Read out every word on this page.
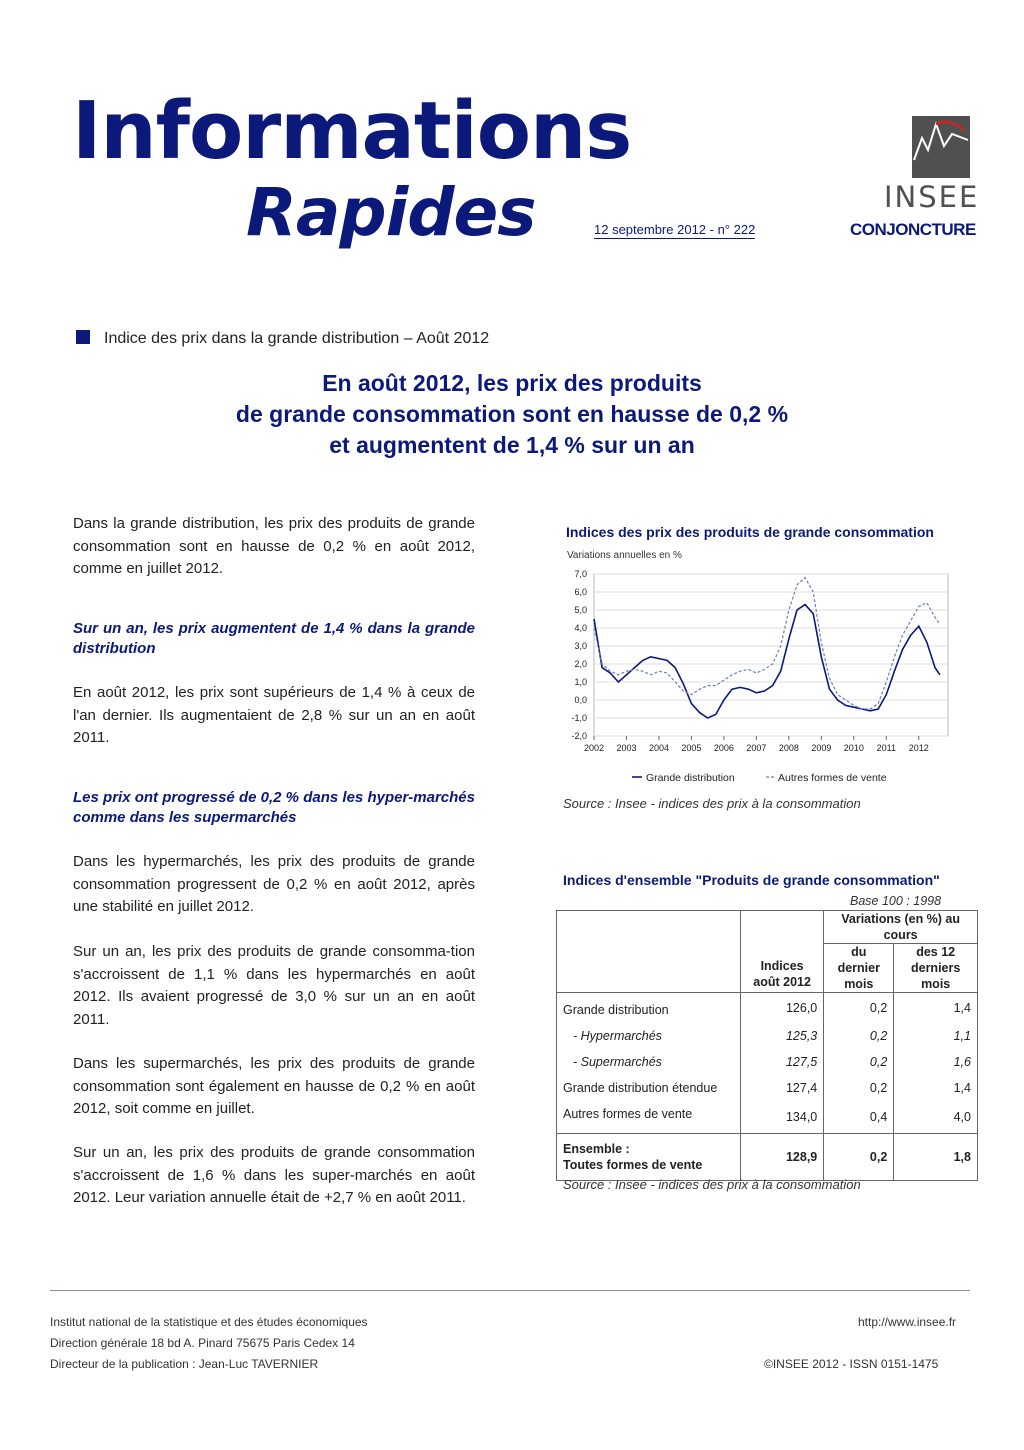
Informations
Rapides	12 septembre 2012 - n° 222
INSEE
CONJONCTURE
Indice des prix dans la grande distribution – Août 2012
En août 2012, les prix des produits
de grande consommation sont en hausse de 0,2 %
et augmentent de 1,4 % sur un an
Dans la grande distribution, les prix des produits de grande consommation sont en hausse de 0,2 % en août 2012, comme en juillet 2012.
Sur un an, les prix augmentent de 1,4 % dans la grande distribution
En août 2012, les prix sont supérieurs de 1,4 % à ceux de l'an dernier. Ils augmentaient de 2,8 % sur un an en août 2011.
Les prix ont progressé de 0,2 % dans les hyper-marchés comme dans les supermarchés
Dans les hypermarchés, les prix des produits de grande consommation progressent de 0,2 % en août 2012, après une stabilité en juillet 2012.
Sur un an, les prix des produits de grande consomma-tion s'accroissent de 1,1 % dans les hypermarchés en août 2012. Ils avaient progressé de 3,0 % sur un an en août 2011.
Dans les supermarchés, les prix des produits de grande consommation sont également en hausse de 0,2 % en août 2012, soit comme en juillet.
Sur un an, les prix des produits de grande consommation s'accroissent de 1,6 % dans les super-marchés en août 2012. Leur variation annuelle était de +2,7 % en août 2011.
Indices des prix des produits de grande consommation
Variations annuelles en %
7,0
6,0
5,0
4,0
3,0
2,0
1,0
0,0
-1,0
-2,0
2002 2003 2004 2005 2006 2007 2008 2009 2010 2011 2012
Grande distribution	Autres formes de vente
Source : Insee - indices des prix à la consommation
Indices d'ensemble "Produits de grande consommation"
Base 100 : 1998
	Indices août 2012	Variations (en %) au cours	
		du dernier mois	des 12 derniers mois
Grande distribution	126,0	0,2	1,4
- Hypermarchés	125,3	0,2	1,1
- Supermarchés	127,5	0,2	1,6
Grande distribution étendue	127,4	0,2	1,4
Autres formes de vente	134,0	0,4	4,0

Ensemble :
Toutes formes de vente	128,9	0,2	1,8
Source : Insee - indices des prix à la consommation
Institut national de la statistique et des études économiques
Direction générale 18 bd A. Pinard 75675 Paris Cedex 14
Directeur de la publication : Jean-Luc TAVERNIER
http://www.insee.fr
©INSEE 2012 - ISSN 0151-1475
